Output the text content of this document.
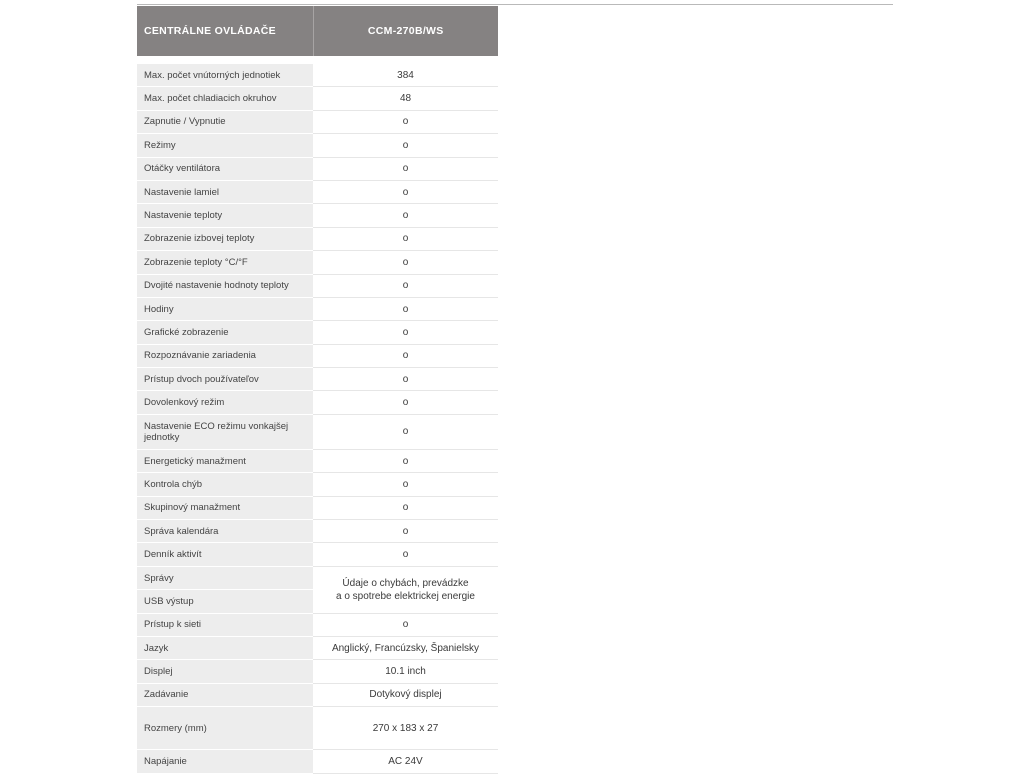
CENTRÁLNE OVLÁDAČE	CCM-270B/WS

Max. počet vnútorných jednotiek	384
Max. počet chladiacich okruhov	48
Zapnutie / Vypnutie	o
Režimy	o
Otáčky ventilátora	o
Nastavenie lamiel	o
Nastavenie teploty	o
Zobrazenie izbovej teploty	o
Zobrazenie teploty °C/°F	o
Dvojité nastavenie hodnoty teploty	o
Hodiny	o
Grafické zobrazenie	o
Rozpoznávanie zariadenia	o
Prístup dvoch používateľov	o
Dovolenkový režim	o

Nastavenie ECO režimu vonkajšej jednotky	o
Energetický manažment	o
Kontrola chýb	o
Skupinový manažment	o
Správa kalendára	o
Denník aktivít	o
Správy	Údaje o chybách, prevádzke
a o spotrebe elektrickej energie
USB výstup	
Prístup k sieti	o
Jazyk	Anglický, Francúzsky, Španielsky
Displej	10.1 inch
Zadávanie	Dotykový displej
Rozmery (mm)	270 x 183 x 27
Napájanie	AC 24V
